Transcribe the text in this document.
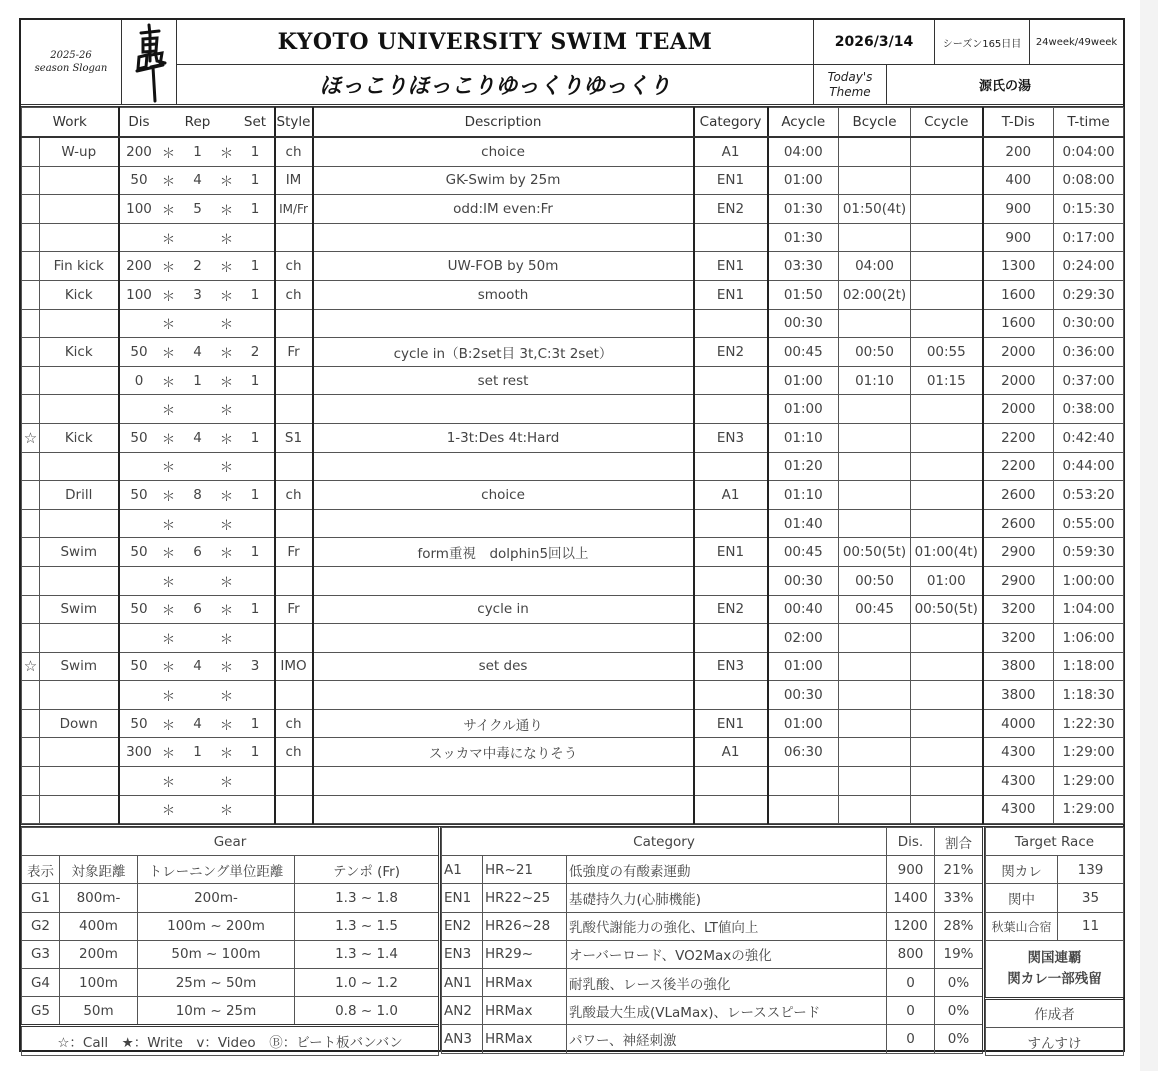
2025-26
season Slogan
KYOTO UNIVERSITY SWIM TEAM
ほっこりほっこりゆっくりゆっくり
2026/3/14	シーズン165日目	24week/49week
Today's
Theme	源氏の湯
Work		Dis	Rep			Set	Style	Description	Category	Acycle	Bcycle	Ccycle	T-Dis	T-time
	W-up	200	＊	1	＊	1	ch	choice	A1	04:00			200	0:04:00
		50	＊	4	＊	1	IM	GK-Swim by 25m	EN1	01:00			400	0:08:00
		100	＊	5	＊	1	IM/Fr	odd:IM even:Fr	EN2	01:30	01:50(4t)		900	0:15:30
			＊		＊					01:30			900	0:17:00
	Fin kick	200	＊	2	＊	1	ch	UW-FOB by 50m	EN1	03:30	04:00		1300	0:24:00
	Kick	100	＊	3	＊	1	ch	smooth	EN1	01:50	02:00(2t)		1600	0:29:30
			＊		＊					00:30			1600	0:30:00
	Kick	50	＊	4	＊	2	Fr	cycle in（B:2set目 3t,C:3t 2set）	EN2	00:45	00:50	00:55	2000	0:36:00
		0	＊	1	＊	1		set rest		01:00	01:10	01:15	2000	0:37:00
			＊		＊					01:00			2000	0:38:00
☆	Kick	50	＊	4	＊	1	S1	1-3t:Des 4t:Hard	EN3	01:10			2200	0:42:40
			＊		＊					01:20			2200	0:44:00
	Drill	50	＊	8	＊	1	ch	choice	A1	01:10			2600	0:53:20
			＊		＊					01:40			2600	0:55:00
	Swim	50	＊	6	＊	1	Fr	form重視　dolphin5回以上	EN1	00:45	00:50(5t)	01:00(4t)	2900	0:59:30
			＊		＊					00:30	00:50	01:00	2900	1:00:00
	Swim	50	＊	6	＊	1	Fr	cycle in	EN2	00:40	00:45	00:50(5t)	3200	1:04:00
			＊		＊					02:00			3200	1:06:00
☆	Swim	50	＊	4	＊	3	IMO	set des	EN3	01:00			3800	1:18:00
			＊		＊					00:30			3800	1:18:30
	Down	50	＊	4	＊	1	ch	サイクル通り	EN1	01:00			4000	1:22:30
		300	＊	1	＊	1	ch	スッカマ中毒になりそう	A1	06:30			4300	1:29:00
			＊		＊								4300	1:29:00
			＊		＊								4300	1:29:00
Gear			
表示	対象距離	トレーニング単位距離	テンポ (Fr)
G1	800m-	200m-	1.3 ~ 1.8
G2	400m	100m ~ 200m	1.3 ~ 1.5
G3	200m	50m ~ 100m	1.3 ~ 1.4
G4	100m	25m ~ 50m	1.0 ~ 1.2
G5	50m	10m ~ 25m	0.8 ~ 1.0
☆：Call　★：Write　v：Video　Ⓑ：ビート板バンバン			
Category			Dis.	割合
A1	HR~21	低強度の有酸素運動	900	21%
EN1	HR22~25	基礎持久力(心肺機能)	1400	33%
EN2	HR26~28	乳酸代謝能力の強化、LT値向上	1200	28%
EN3	HR29~	オーバーロード、VO2Maxの強化	800	19%
AN1	HRMax	耐乳酸、レース後半の強化	0	0%
AN2	HRMax	乳酸最大生成(VLaMax)、レーススピード	0	0%
AN3	HRMax	パワー、神経刺激	0	0%
Target Race	
関カレ	139
関中	35
秋葉山合宿	11

関国連覇
関カレ一部残留	

作成者	
すんすけ	
